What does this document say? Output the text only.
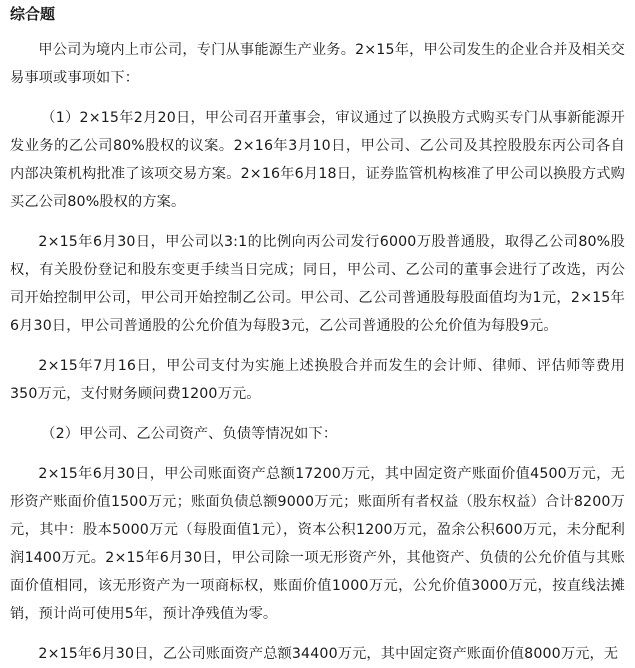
综合题

甲公司为境内上市公司，专门从事能源生产业务。2×15年，甲公司发生的企业合并及相关交易事项或事项如下：

（1）2×15年2月20日，甲公司召开董事会，审议通过了以换股方式购买专门从事新能源开发业务的乙公司80%股权的议案。2×16年3月10日，甲公司、乙公司及其控股股东丙公司各自内部决策机构批准了该项交易方案。2×16年6月18日，证券监管机构核准了甲公司以换股方式购买乙公司80%股权的方案。

2×15年6月30日，甲公司以3:1的比例向丙公司发行6000万股普通股，取得乙公司80%股权，有关股份登记和股东变更手续当日完成；同日，甲公司、乙公司的董事会进行了改选，丙公司开始控制甲公司，甲公司开始控制乙公司。甲公司、乙公司普通股每股面值均为1元，2×15年6月30日，甲公司普通股的公允价值为每股3元，乙公司普通股的公允价值为每股9元。

2×15年7月16日，甲公司支付为实施上述换股合并而发生的会计师、律师、评估师等费用350万元，支付财务顾问费1200万元。

（2）甲公司、乙公司资产、负债等情况如下：

2×15年6月30日，甲公司账面资产总额17200万元，其中固定资产账面价值4500万元，无形资产账面价值1500万元；账面负债总额9000万元；账面所有者权益（股东权益）合计8200万元，其中：股本5000万元（每股面值1元），资本公积1200万元，盈余公积600万元，未分配利润1400万元。2×15年6月30日，甲公司除一项无形资产外，其他资产、负债的公允价值与其账面价值相同，该无形资产为一项商标权，账面价值1000万元，公允价值3000万元，按直线法摊销，预计尚可使用5年，预计净残值为零。

2×15年6月30日，乙公司账面资产总额34400万元，其中固定资产账面价值8000万元，无
